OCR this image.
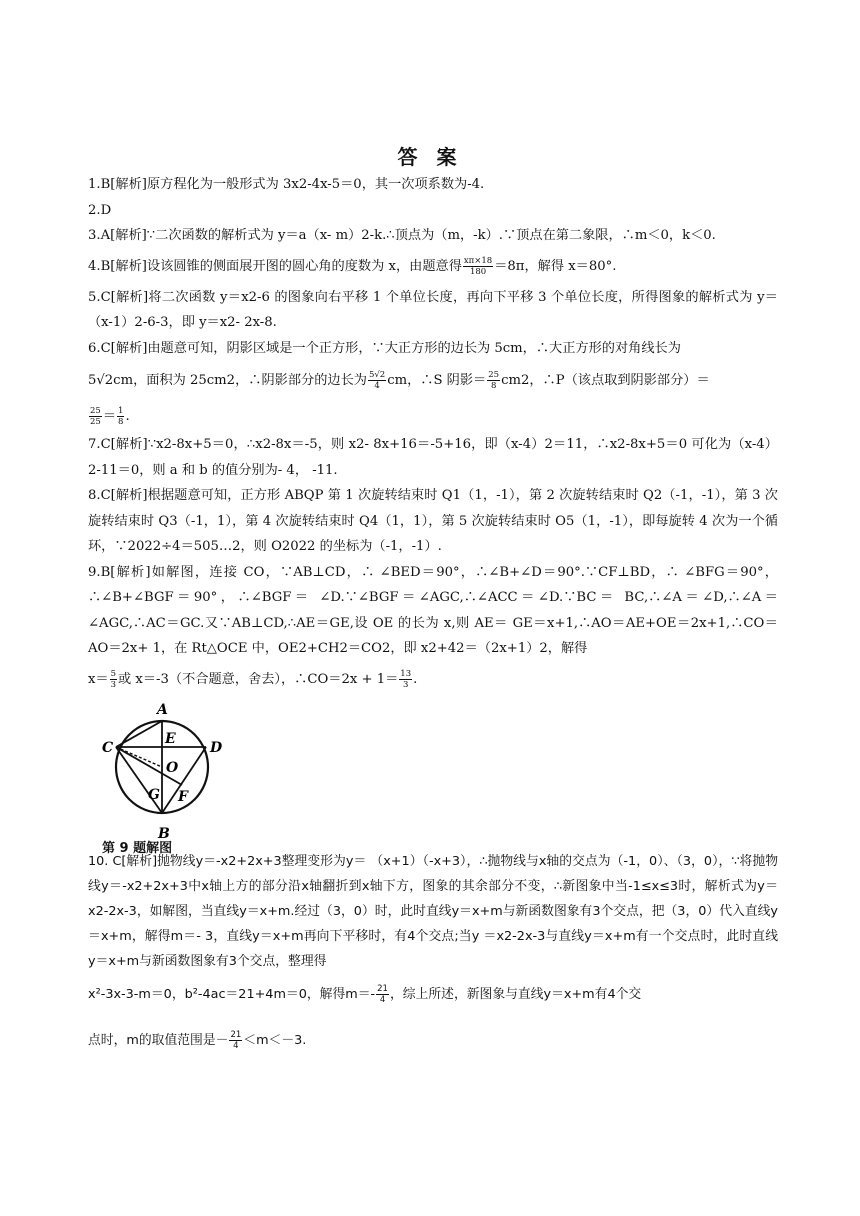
答 案

1.B[解析]原方程化为一般形式为 3x2-4x-5＝0，其一次项系数为-4.

2.D

3.A[解析]∵二次函数的解析式为 y＝a（x- m）2-k.∴顶点为（m，-k）.∵顶点在第二象限，∴m＜0，k＜0.

4.B[解析]设该圆锥的侧面展开图的圆心角的度数为 x，由题意得 $\frac{x\pi\times 18}{180} =8\pi$，解得 x＝80°.

5.C[解析]将二次函数 y＝x2-6 的图象向右平移 1 个单位长度，再向下平移 3 个单位长度，所得图象的解析式为 y＝（x-1）2-6-3，即 y＝x2- 2x-8.

6.C[解析]由题意可知，阴影区域是一个正方形，∵大正方形的边长为 5cm，∴大正方形的对角线长为
5√2cm，面积为 25cm2，∴阴影部分的边长为 $\frac{5√2}{4}$ cm，∴S 阴影＝ $\frac{25}{8} cm2$，∴P（该点取到阴影部分）＝
$\frac{25}{25} = \frac{1}{8}$ .

7.C[解析]∵x2-8x+5＝0，∴x2-8x＝-5，则 x2- 8x+16＝-5+16，即（x-4）2＝11，∴x2-8x+5＝0 可化为（x-4）2-11＝0，则 a 和 b 的值分别为- 4， -11.

8.C[解析]根据题意可知，正方形 ABQP 第 1 次旋转结束时 Q1（1，-1），第 2 次旋转结束时 Q2（-1，-1），第 3 次旋转结束时 Q3（-1，1），第 4 次旋转结束时 Q4（1，1），第 5 次旋转结束时 O5（1，-1），即每旋转 4 次为一个循环，∵2022÷4＝505…2，则 O2022 的坐标为（-1，-1）.

9.B[解析]如解图，连接 CO，∵AB⊥CD，∴ ∠BED＝90°，∴∠B+∠D＝90°.∵CF⊥BD，∴ ∠BFG＝90°，∴∠B+∠BGF＝90°，∴∠BGF＝ ∠D.∵∠BGF＝∠AGC,∴∠ACC＝∠D.∵BC＝ BC,∴∠A＝∠D,∴∠A＝∠AGC,∴AC＝GC.又∵AB⊥CD,∴AE＝GE,设 OE 的长为 x,则 AE＝ GE＝x+1,∴AO＝AE+OE＝2x+1,∴CO＝AO＝2x+ 1，在 Rt△OCE 中，OE2+CH2＝CO2，即 x2+42＝（2x+1）2，解得

$x= \frac{5}{3}$ 或 x＝-3（不合题意，舍去），∴CO＝2x + $1= \frac{13}{3}$ .
A
B
C	D
E
O
G F
第 9 题解图

10. C[解析]抛物线y＝-x2+2x+3整理变形为y＝ （x+1）（-x+3），∴抛物线与x轴的交点为（-1，0）、（3，0），∵将抛物线y＝-x2+2x+3中x轴上方的部分沿x轴翻折到x轴下方，图象的其余部分不变，∴新图象中当-1≤x≤3时，解析式为y＝x2-2x-3，如解图，当直线y＝x+m.经过（3，0）时，此时直线y＝x+m与新函数图象有3个交点，把（3，0）代入直线y＝x+m，解得m＝- 3，直线y＝x+m再向下平移时，有4个交点;当y ＝x2-2x-3与直线y＝x+m有一个交点时，此时直线y＝x+m与新函数图象有3个交点，整理得

x²-3x-3-m＝0，b²-4ac＝21+4m＝0，解得$m=- \frac{21}{4}$ ，综上所述，新图象与直线y＝x+m有4个交
点时，m的取值范围是－ $\frac{21}{4} <m<-3$.
